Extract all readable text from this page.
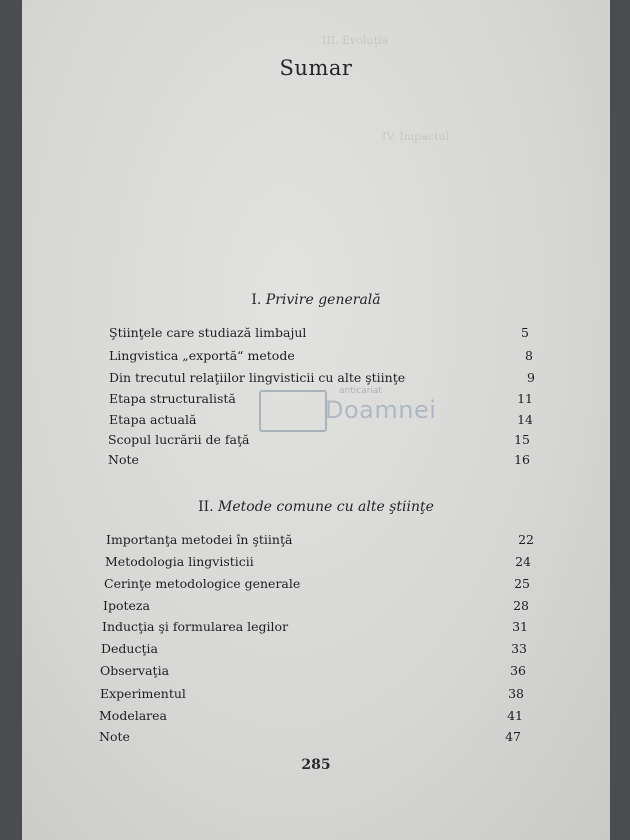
III. Evoluţia
IV. Impactul

Sumar
I. Privire generală
Ştiinţele care studiază limbajul	5
Lingvistica „exportă“ metode	8
Din trecutul relaţiilor lingvisticii cu alte ştiinţe	9
Etapa structuralistă	11
Etapa actuală	14
Scopul lucrării de faţă	15
Note	16
anticariat
Doamnei
II. Metode comune cu alte ştiinţe
Importanţa metodei în ştiinţă	22
Metodologia lingvisticii	24
Cerinţe metodologice generale	25
Ipoteza	28
Inducţia şi formularea legilor	31
Deducţia	33
Observaţia	36
Experimentul	38
Modelarea	41
Note	47
285
